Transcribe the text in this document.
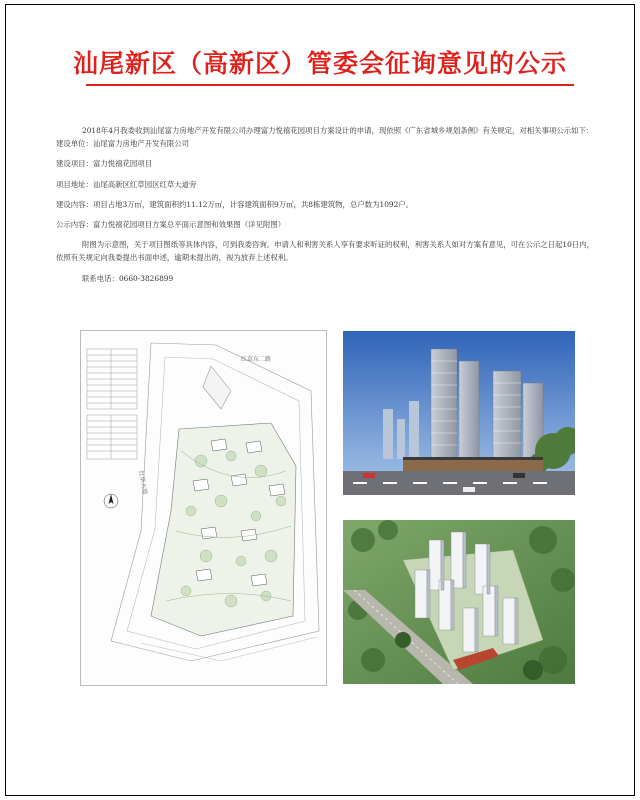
汕尾新区（高新区）管委会征询意见的公示

2018年4月我委收到汕尾富力房地产开发有限公司办理富力悦禧花园项目方案设计的申请，现依照《广东省城乡规划条例》有关规定，对相关事项公示如下：

建设单位：汕尾富力房地产开发有限公司

建设项目：富力悦禧花园项目

项目地址：汕尾高新区红草园区红草大道旁

建设内容：项目占地3万㎡，建筑面积约11.12万㎡，计容建筑面积9万㎡，共8栋建筑物，总户数为1092户。

公示内容：富力悦禧花园项目方案总平面示意图和效果图（详见附图）

附图为示意图，关于项目图纸等具体内容，可到我委咨询。申请人和利害关系人享有要求听证的权利，利害关系人如对方案有意见，可在公示之日起10日内，

依照有关规定向我委提出书面申述，逾期未提出的，视为放弃上述权利。

联系电话：0660-3826899

红草东二路
红草大道
